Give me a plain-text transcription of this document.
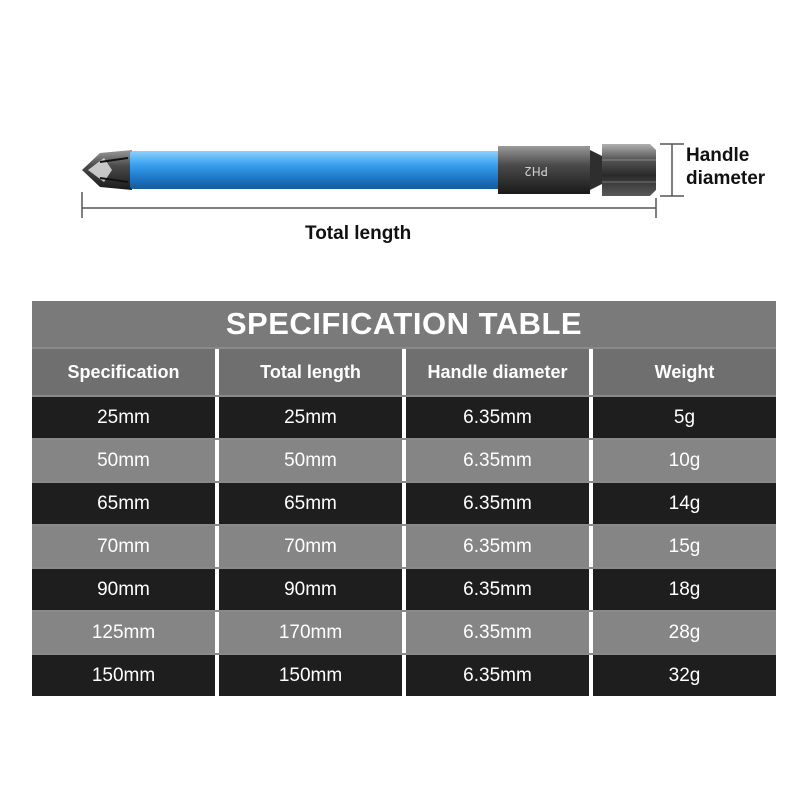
PH2
Total length
Handle
diameter
SPECIFICATION TABLE
Specification	Total length	Handle diameter	Weight
25mm	25mm	6.35mm	5g
50mm	50mm	6.35mm	10g
65mm	65mm	6.35mm	14g
70mm	70mm	6.35mm	15g
90mm	90mm	6.35mm	18g
125mm	170mm	6.35mm	28g
150mm	150mm	6.35mm	32g
